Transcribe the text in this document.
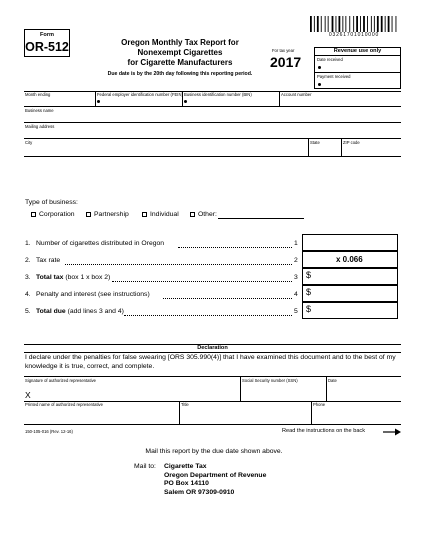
Form
OR-512	Oregon Monthly Tax Report for
Nonexempt Cigarettes
for Cigarette Manufacturers
Due date is by the 20th day following this reporting period.
03261701010000
For tax year
2017
Revenue use only
Date received
Payment received
Month ending	Federal employer identification number (FEIN) Business identification number (BIN)	Account number
Business name
Mailing address
City	State	ZIP code
Type of business:
Corporation	Partnership	Individual	Other:
1. Number of cigarettes distributed in Oregon	1
2. Tax rate	2	x 0.066
3. Total tax (box 1 x box 2)	3 $
4. Penalty and interest (see instructions)	4 $
5. Total due (add lines 3 and 4)	5 $
Declaration
I declare under the penalties for false swearing [ORS 305.990(4)] that I have examined this document and to the best of my knowledge it is true, correct, and complete.
Signature of authorized representative
X
Social Security number (SSN)	Date
Printed name of authorized representative	Title	Phone
150-105-016 (Rev. 12-16)	Read the instructions on the back
Mail this report by the due date shown above.
Mail to: Cigarette Tax
Oregon Department of Revenue
PO Box 14110
Salem OR 97309-0910
